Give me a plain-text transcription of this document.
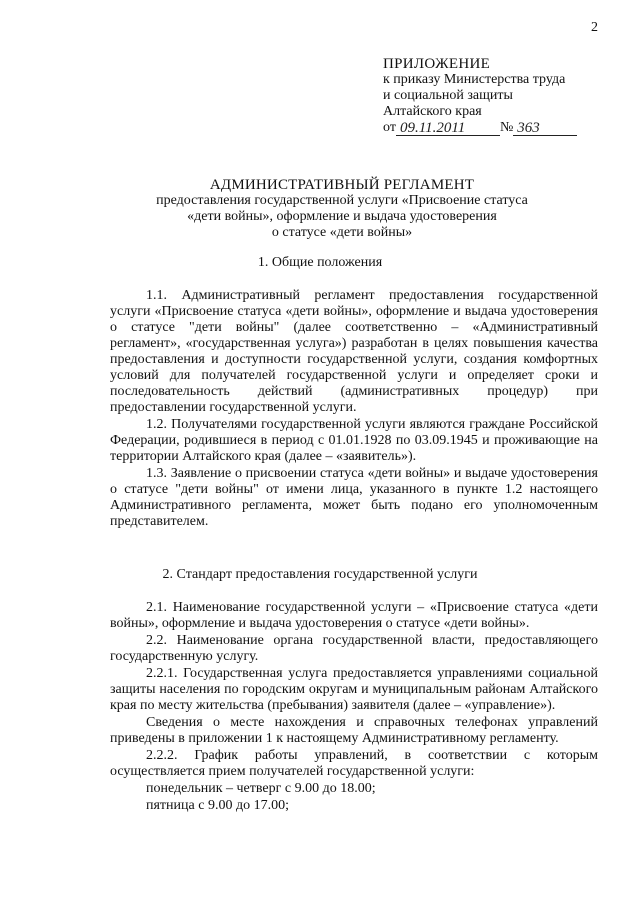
2
ПРИЛОЖЕНИЕ
к приказу Министерства труда
и социальной защиты
Алтайского края
от 09.11.2011	№ 363
АДМИНИСТРАТИВНЫЙ РЕГЛАМЕНТ
предоставления государственной услуги «Присвоение статуса
«дети войны», оформление и выдача удостоверения
о статусе «дети войны»
1. Общие положения

1.1. Административный регламент предоставления государственной услуги «Присвоение статуса «дети войны», оформление и выдача удостоверения о статусе "дети войны" (далее соответственно – «Административный регламент», «государственная услуга») разработан в целях повышения качества предоставления и доступности государственной услуги, создания комфортных условий для получателей государственной услуги и определяет сроки и последовательность действий (административных процедур) при предоставлении государственной услуги.

1.2. Получателями государственной услуги являются граждане Российской Федерации, родившиеся в период с 01.01.1928 по 03.09.1945 и проживающие на территории Алтайского края (далее – «заявитель»).

1.3. Заявление о присвоении статуса «дети войны» и выдаче удостоверения о статусе "дети войны" от имени лица, указанного в пункте 1.2 настоящего Административного регламента, может быть подано его уполномоченным представителем.

2. Стандарт предоставления государственной услуги

2.1. Наименование государственной услуги – «Присвоение статуса «дети войны», оформление и выдача удостоверения о статусе «дети войны».

2.2. Наименование органа государственной власти, предоставляющего государственную услугу.

2.2.1. Государственная услуга предоставляется управлениями социальной защиты населения по городским округам и муниципальным районам Алтайского края по месту жительства (пребывания) заявителя (далее – «управление»).

Сведения о месте нахождения и справочных телефонах управлений приведены в приложении 1 к настоящему Административному регламенту.

2.2.2. График работы управлений, в соответствии с которым осуществляется прием получателей государственной услуги:

понедельник – четверг с 9.00 до 18.00;

пятница с 9.00 до 17.00;
